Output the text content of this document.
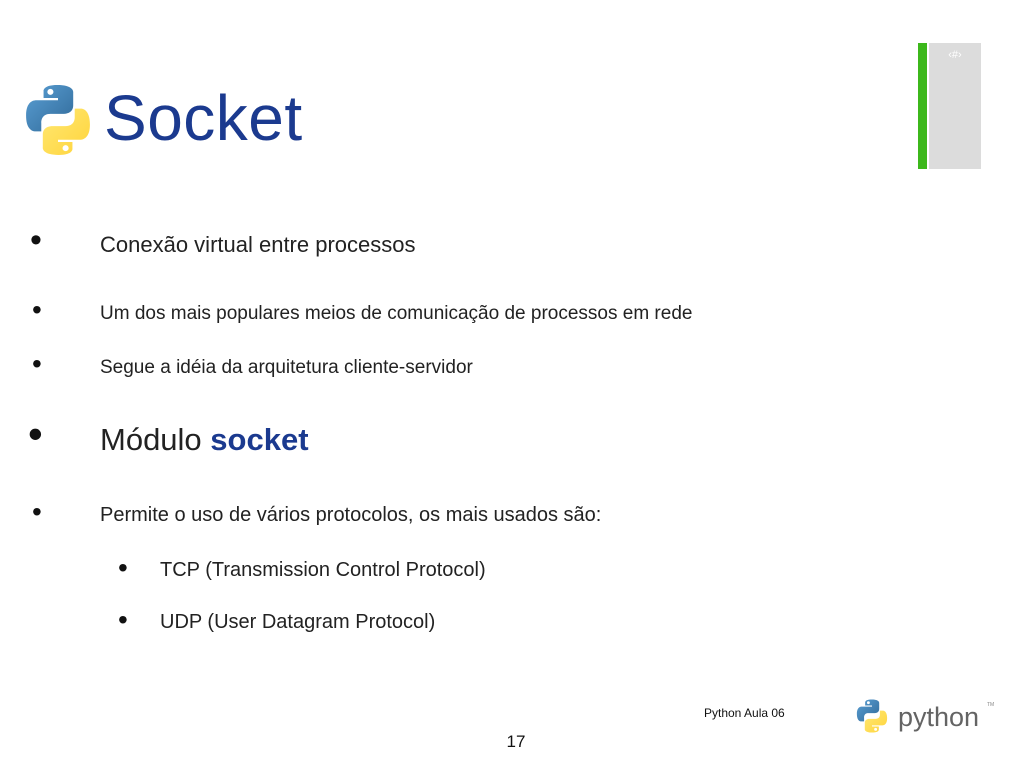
Socket
‹#›
•	Conexão virtual entre processos
•	Um dos mais populares meios de comunicação de processos em rede
•	Segue a idéia da arquitetura cliente-servidor
• Módulo socket
•	Permite o uso de vários protocolos, os mais usados são:
• TCP (Transmission Control Protocol)
• UDP (User Datagram Protocol)
Python Aula 06
17
python TM
